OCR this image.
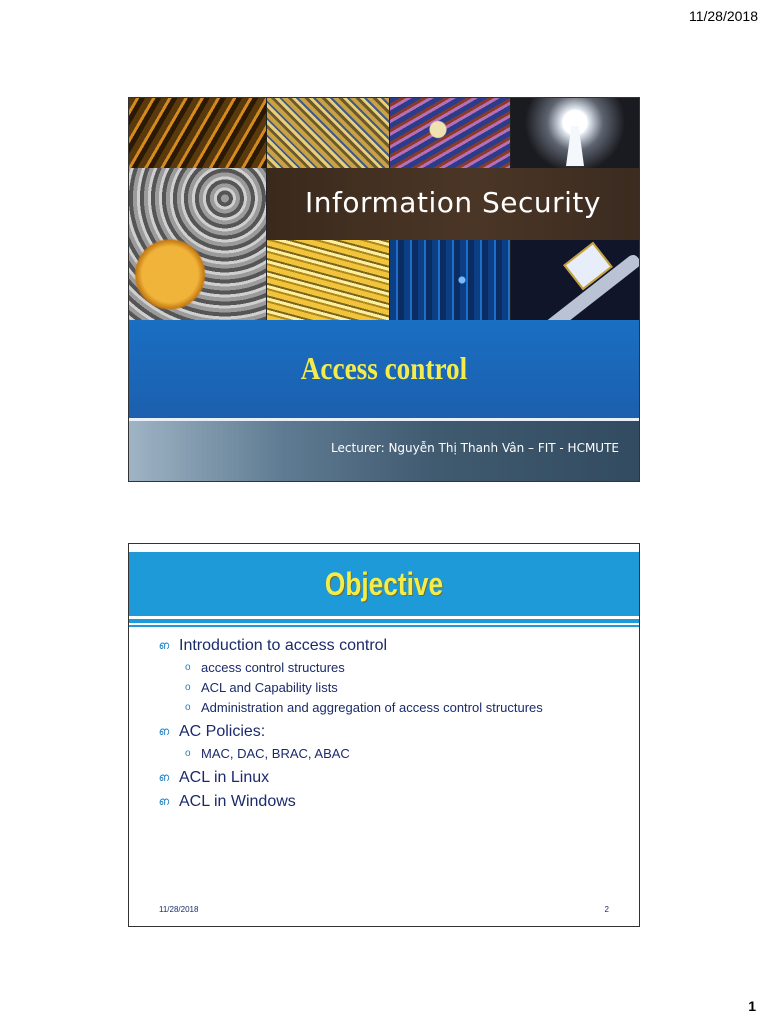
11/28/2018
Information Security
Access control
Lecturer: Nguyễn Thị Thanh Vân – FIT - HCMUTE
Objective
ഩ Introduction to access control
o access control structures
o ACL and Capability lists
o Administration and aggregation of access control structures
ഩ AC Policies:
o MAC, DAC, BRAC, ABAC
ഩ ACL in Linux
ഩ ACL in Windows
11/28/2018	2
1
